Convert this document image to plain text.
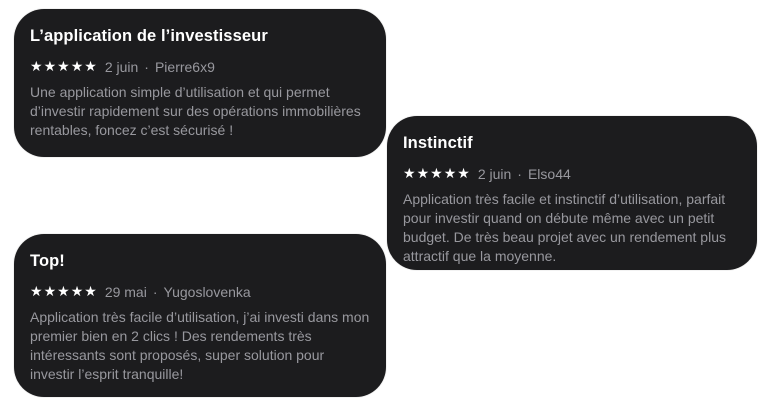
L’application de l’investisseur
★ ★ ★ ★ ★ 2 juin · Pierre6x9
Une application simple d’utilisation et qui permet d’investir rapidement sur des opérations immobilières rentables, foncez c’est sécurisé !
Instinctif
★ ★ ★ ★ ★ 2 juin · Elso44
Application très facile et instinctif d’utilisation, parfait pour investir quand on débute même avec un petit budget. De très beau projet avec un rendement plus attractif que la moyenne.
Top!
★ ★ ★ ★ ★ 29 mai · Yugoslovenka
Application très facile d’utilisation, j’ai investi dans mon premier bien en 2 clics ! Des rendements très intéressants sont proposés, super solution pour investir l’esprit tranquille!
